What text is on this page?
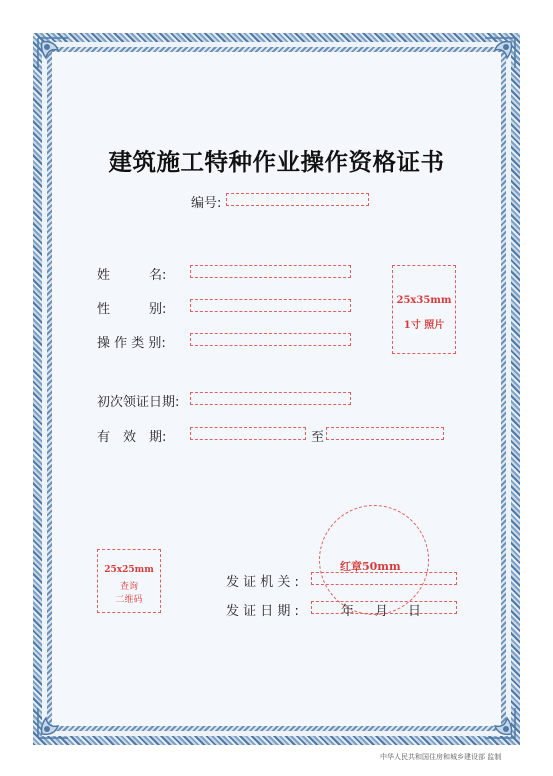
建筑施工特种作业操作资格证书
编号:
姓　　　名:
性　　　别:
操 作 类 别:
25x35mm
1寸 照片
初次领证日期:
有　效　期:	至
红章50mm
25x25mm
查询
二维码
发 证 机 关 :
发 证 日 期 :	年 月 日
中华人民共和国住房和城乡建设部 监制
